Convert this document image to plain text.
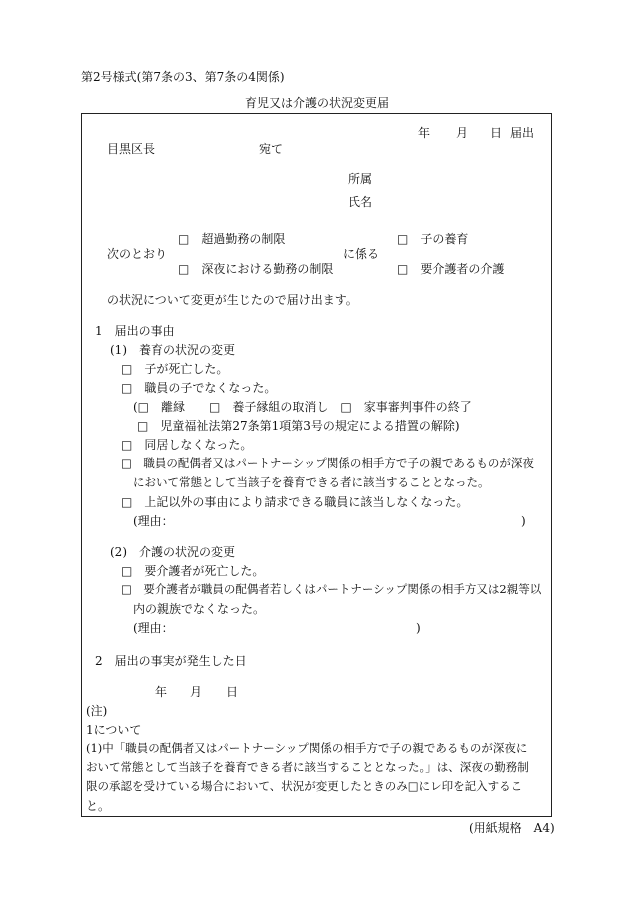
第2号様式(第7条の3、第7条の4関係)
育児又は介護の状況変更届
年 月 日 届出
目黒区長	宛て
所属
氏名
□　超過勤務の制限	□　子の養育
次のとおり	に係る
□　深夜における勤務の制限	□　要介護者の介護
の状況について変更が生じたので届け出ます。
1　届出の事由
(1)　養育の状況の変更
□　子が死亡した。
□　職員の子でなくなった。
(□　離縁　　□　養子縁組の取消し　□　家事審判事件の終了
□　児童福祉法第27条第1項第3号の規定による措置の解除)
□　同居しなくなった。
□　職員の配偶者又はパートナーシップ関係の相手方で子の親であるものが深夜
において常態として当該子を養育できる者に該当することとなった。
□　上記以外の事由により請求できる職員に該当しなくなった。
(理由：	)
(2)　介護の状況の変更
□　要介護者が死亡した。
□　要介護者が職員の配偶者若しくはパートナーシップ関係の相手方又は2親等以
内の親族でなくなった。
(理由：	)
2　届出の事実が発生した日
年 月 日
(注)
1について
(1)中「職員の配偶者又はパートナーシップ関係の相手方で子の親であるものが深夜に
おいて常態として当該子を養育できる者に該当することとなった。」は、深夜の勤務制
限の承認を受けている場合において、状況が変更したときのみ□にレ印を記入するこ
と。
(用紙規格　A4)
